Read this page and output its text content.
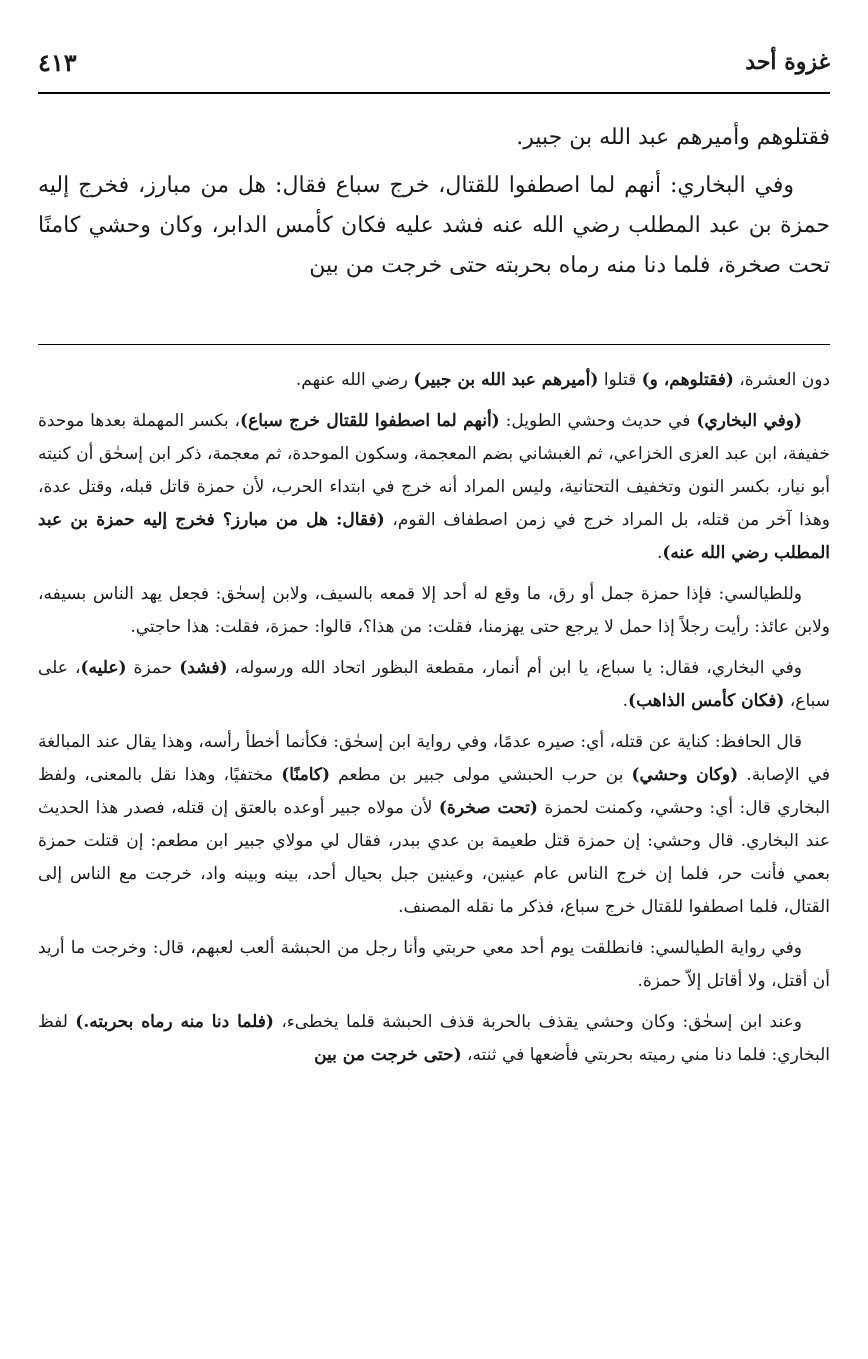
غزوة أحد
٤١٣

فقتلوهم وأميرهم عبد الله بن جبير.

وفي البخاري: أنهم لما اصطفوا للقتال، خرج سباع فقال: هل من مبارز، فخرج إليه حمزة بن عبد المطلب رضي الله عنه فشد عليه فكان كأمس الدابر، وكان وحشي كامنًا تحت صخرة، فلما دنا منه رماه بحربته حتى خرجت من بين

دون العشرة، (فقتلوهم، و) قتلوا (أميرهم عبد الله بن جبير) رضي الله عنهم.

(وفي البخاري) في حديث وحشي الطويل: (أنهم لما اصطفوا للقتال خرج سباع)، بكسر المهملة بعدها موحدة خفيفة، ابن عبد العزى الخزاعي، ثم الغبشاني بضم المعجمة، وسكون الموحدة، ثم معجمة، ذكر ابن إسحٰق أن كنيته أبو نيار، بكسر النون وتخفيف التحتانية، وليس المراد أنه خرج في ابتداء الحرب، لأن حمزة قاتل قبله، وقتل عدة، وهذا آخر من قتله، بل المراد خرج في زمن اصطفاف القوم، (فقال: هل من مبارز؟ فخرج إليه حمزة بن عبد المطلب رضي الله عنه).

وللطيالسي: فإذا حمزة جمل أو رق، ما وقع له أحد إلا قمعه بالسيف، ولابن إسحٰق: فجعل يهد الناس بسيفه، ولابن عائذ: رأيت رجلاً إذا حمل لا يرجع حتى يهزمنا، فقلت: من هذا؟، قالوا: حمزة، فقلت: هذا حاجتي.

وفي البخاري، فقال: يا سباع، يا ابن أم أنمار، مقطعة البظور اتحاد الله ورسوله، (فشد) حمزة (عليه)، على سباع، (فكان كأمس الذاهب).

قال الحافظ: كناية عن قتله، أي: صيره عدمًا، وفي رواية ابن إسحٰق: فكأنما أخطأ رأسه، وهذا يقال عند المبالغة في الإصابة. (وكان وحشي) بن حرب الحبشي مولى جبير بن مطعم (كامنًا) مختفيًا، وهذا نقل بالمعنى، ولفظ البخاري قال: أي: وحشي، وكمنت لحمزة (تحت صخرة) لأن مولاه جبير أوعده بالعتق إن قتله، فصدر هذا الحديث عند البخاري. قال وحشي: إن حمزة قتل طعيمة بن عدي ببدر، فقال لي مولاي جبير ابن مطعم: إن قتلت حمزة بعمي فأنت حر، فلما إن خرج الناس عام عينين، وعينين جبل بحيال أحد، بينه وبينه واد، خرجت مع الناس إلى القتال، فلما اصطفوا للقتال خرج سباع، فذكر ما نقله المصنف.

وفي رواية الطيالسي: فانطلقت يوم أحد معي حربتي وأنا رجل من الحبشة ألعب لعبهم، قال: وخرجت ما أريد أن أقتل، ولا أقاتل إلاّ حمزة.

وعند ابن إسحٰق: وكان وحشي يقذف بالحربة قذف الحبشة قلما يخطىء، (فلما دنا منه رماه بحربته.) لفظ البخاري: فلما دنا مني رميته بحربتي فأضعها في ثنته، (حتى خرجت من بين
